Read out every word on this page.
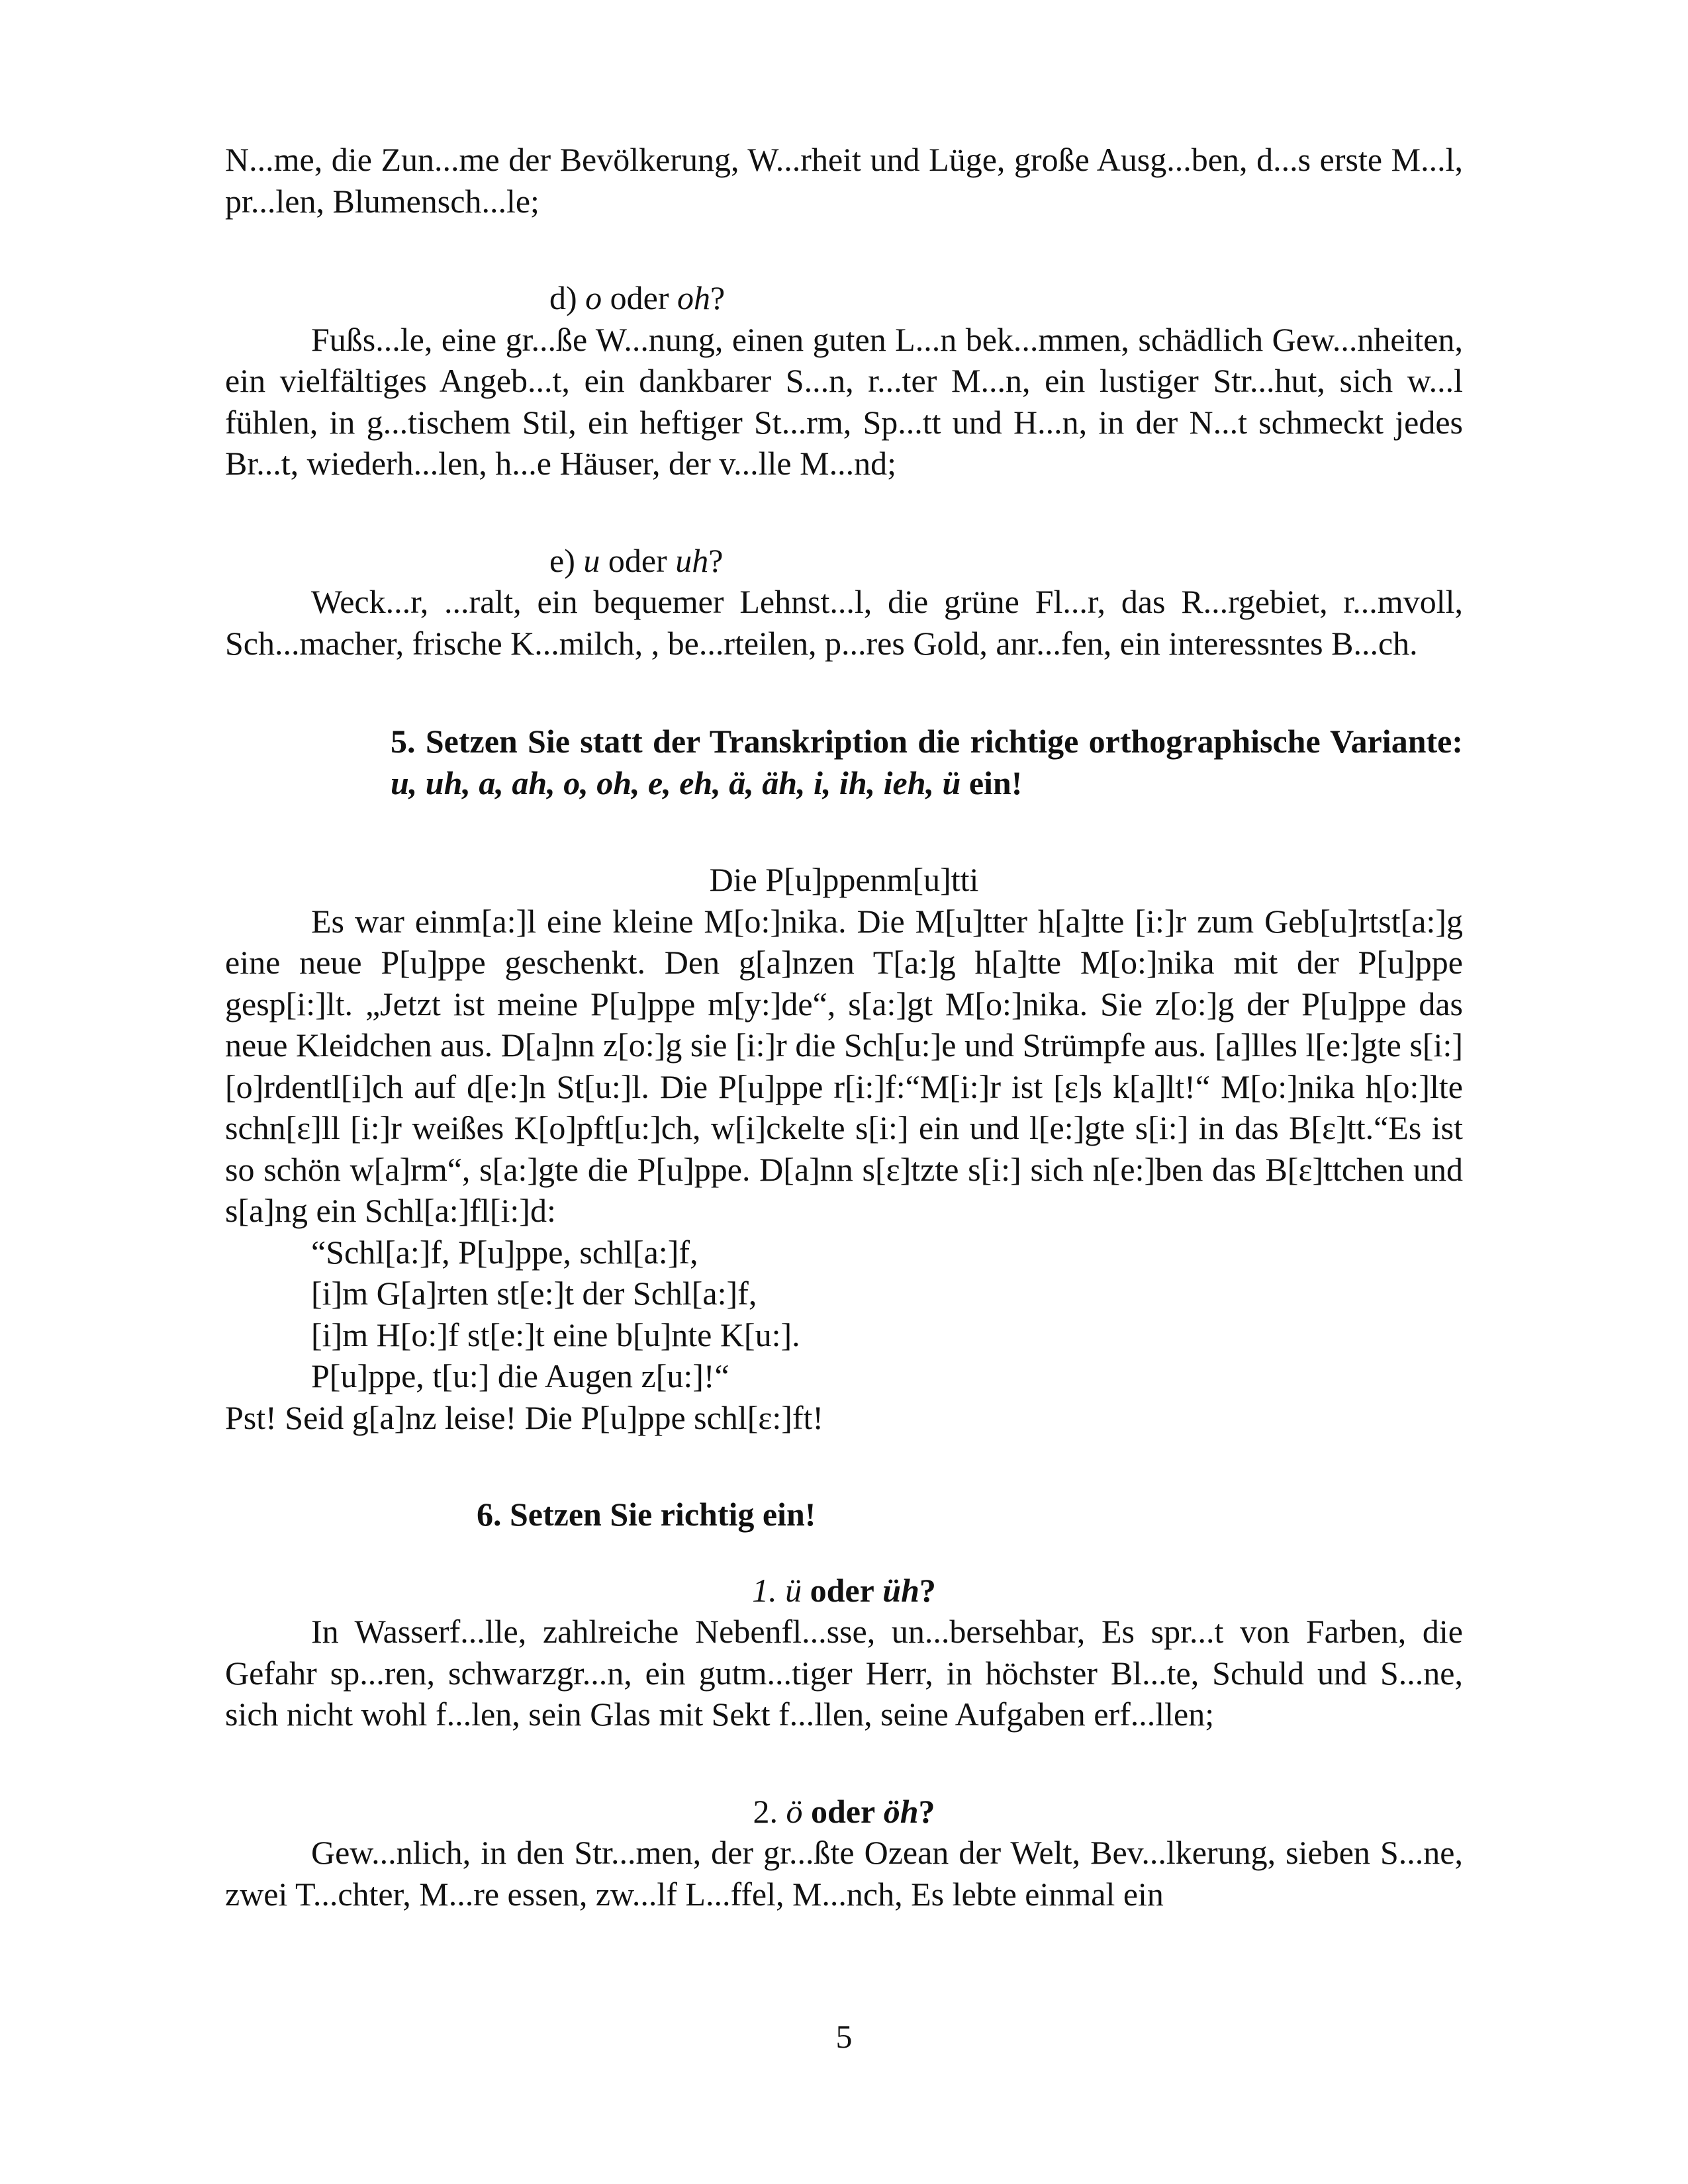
N...me, die Zun...me der Bevölkerung, W...rheit und Lüge, große Ausg...ben, d...s erste M...l, pr...len, Blumensch...le;

d) o oder oh?

Fußs...le, eine gr...ße W...nung, einen guten L...n bek...mmen, schädlich Gew...nheiten, ein vielfältiges Angeb...t, ein dankbarer S...n, r...ter M...n, ein lustiger Str...hut, sich w...l fühlen, in g...tischem Stil, ein heftiger St...rm, Sp...tt und H...n, in der N...t schmeckt jedes Br...t, wiederh...len, h...e Häuser, der v...lle M...nd;

e) u oder uh?

Weck...r, ...ralt, ein bequemer Lehnst...l, die grüne Fl...r, das R...rgebiet, r...mvoll, Sch...macher, frische K...milch, , be...rteilen, p...res Gold, anr...fen, ein interessntes B...ch.

5. Setzen Sie statt der Transkription die richtige orthographische Variante: u, uh, a, ah, o, oh, e, eh, ä, äh, i, ih, ieh, ü ein!

Die P[u]ppenm[u]tti

Es war einm[a:]l eine kleine M[o:]nika. Die M[u]tter h[a]tte [i:]r zum Geb[u]rtst[a:]g eine neue P[u]ppe geschenkt. Den g[a]nzen T[a:]g h[a]tte M[o:]nika mit der P[u]ppe gesp[i:]lt. „Jetzt ist meine P[u]ppe m[y:]de“, s[a:]gt M[o:]nika. Sie z[o:]g der P[u]ppe das neue Kleidchen aus. D[a]nn z[o:]g sie [i:]r die Sch[u:]e und Strümpfe aus. [a]lles l[e:]gte s[i:] [o]rdentl[i]ch auf d[e:]n St[u:]l. Die P[u]ppe r[i:]f:“M[i:]r ist [ɛ]s k[a]lt!“ M[o:]nika h[o:]lte schn[ɛ]ll [i:]r weißes K[o]pft[u:]ch, w[i]ckelte s[i:] ein und l[e:]gte s[i:] in das B[ɛ]tt.“Es ist so schön w[a]rm“, s[a:]gte die P[u]ppe. D[a]nn s[ɛ]tzte s[i:] sich n[e:]ben das B[ɛ]ttchen und s[a]ng ein Schl[a:]fl[i:]d:

“Schl[a:]f, P[u]ppe, schl[a:]f,

[i]m G[a]rten st[e:]t der Schl[a:]f,

[i]m H[o:]f st[e:]t eine b[u]nte K[u:].

P[u]ppe, t[u:] die Augen z[u:]!“

Pst! Seid g[a]nz leise! Die P[u]ppe schl[ɛ:]ft!

6. Setzen Sie richtig ein!

1. ü oder üh?

In Wasserf...lle, zahlreiche Nebenfl...sse, un...bersehbar, Es spr...t von Farben, die Gefahr sp...ren, schwarzgr...n, ein gutm...tiger Herr, in höchster Bl...te, Schuld und S...ne, sich nicht wohl f...len, sein Glas mit Sekt f...llen, seine Aufgaben erf...llen;

2. ö oder öh?

Gew...nlich, in den Str...men, der gr...ßte Ozean der Welt, Bev...lkerung, sieben S...ne, zwei T...chter, M...re essen, zw...lf L...ffel, M...nch, Es lebte einmal ein

5
